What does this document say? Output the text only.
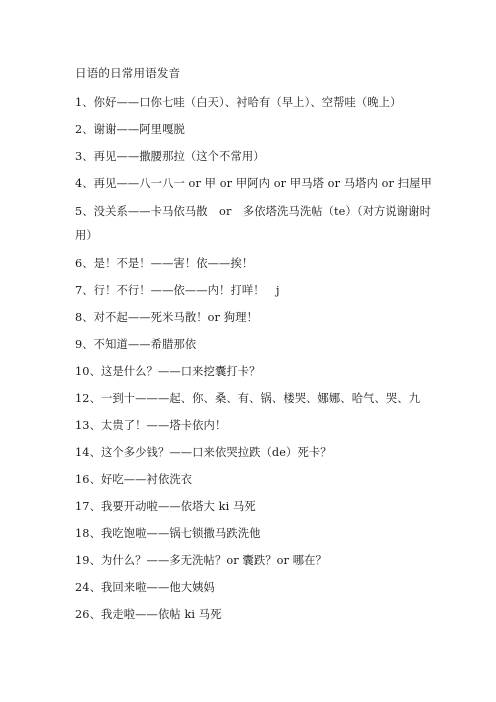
日语的日常用语发音
1、你好——口你七哇（白天）、衬哈有（早上）、空帮哇（晚上）
2、谢谢——阿里嘎脱
3、再见——撒腰那拉（这个不常用）
4、再见——八一八一 or 甲 or 甲阿内 or 甲马塔 or 马塔内 or 扫屋甲
5、没关系——卡马依马散　or　多依塔洗马洗帖（te）（对方说谢谢时用）
6、是！不是！——害！依——挨！
7、行！不行！——依——内！打咩！　j
8、对不起——死米马散！or 狗理！
9、不知道——希腊那依
10、这是什么？——口来挖囊打卡？
12、一到十———起、你、桑、有、锅、楼哭、娜娜、哈气、哭、九
13、太贵了！——塔卡依内！
14、这个多少钱？——口来依哭拉跌（de）死卡？
16、好吃——衬依洗衣
17、我要开动啦——依塔大 ki 马死
18、我吃饱啦——锅七锁撒马跌洗他
19、为什么？——多无洗帖？or 囊跌？or 哪在？
24、我回来啦——他大姨妈
26、我走啦——依帖 ki 马死
